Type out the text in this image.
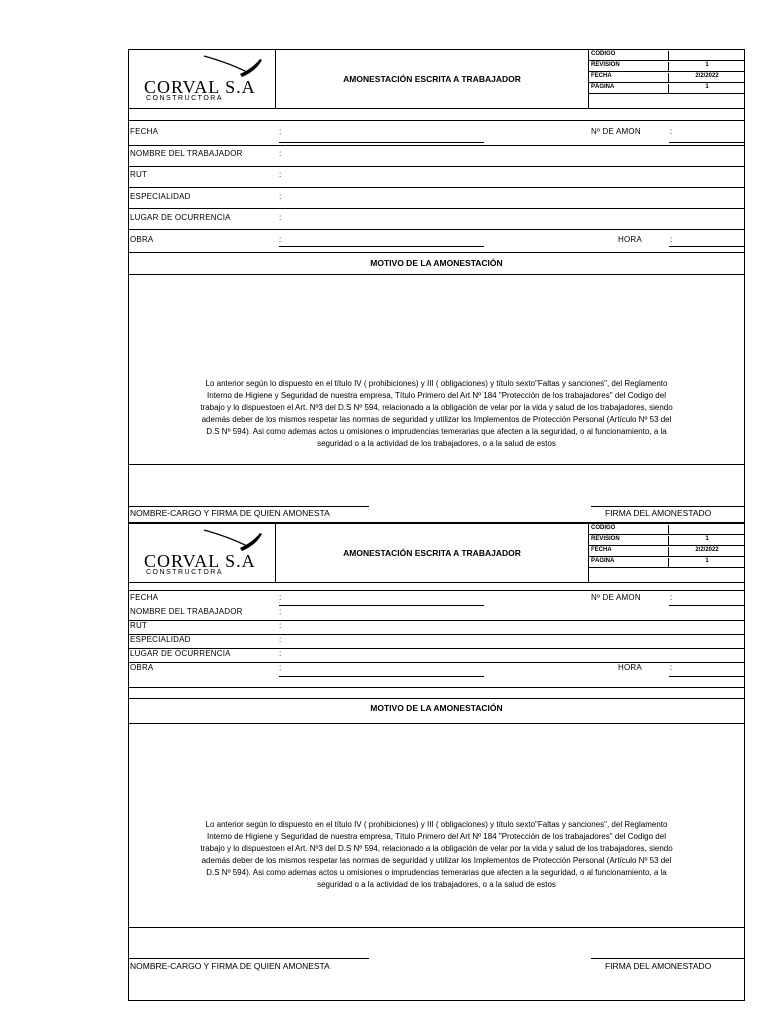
CORVAL S.A
CONSTRUCTORA
AMONESTACIÓN ESCRITA A TRABAJADOR
CODIGO
REVISIÓN	1
FECHA	2/2/2022
PÁGINA	1
FECHA	:	Nº DE AMON	:
NOMBRE DEL TRABAJADOR	:
RUT	:
ESPECIALIDAD	:
LUGAR DE OCURRENCIA	:
OBRA	:	HORA	:
MOTIVO DE LA AMONESTACIÓN
Lo anterior según lo dispuesto en el título IV ( prohibiciones) y III ( obligaciones) y título sexto"Faltas y sanciones", del Reglamento
Interno de Higiene y Seguridad de nuestra empresa, Título Primero del Art Nº 184 "Protección de los trabajadores" del Codigo del
trabajo y lo dispuestoen el Art. Nº3 del D.S Nº 594, relacionado a la obligación de velar por la vida y salud de los trabajadores, siendo
además deber de los mismos respetar las normas de seguridad y utilizar los Implementos de Protección Personal (Artículo Nº 53 del
D.S Nº 594). Asi como ademas actos u omisiones o imprudencias temerarias que afecten a la seguridad, o al funcionamiento, a la
seguridad o a la actividad de los trabajadores, o a la salud de estos
NOMBRE-CARGO Y FIRMA DE QUIEN AMONESTA	FIRMA DEL AMONESTADO
CORVAL S.A
CONSTRUCTORA
AMONESTACIÓN ESCRITA A TRABAJADOR
CODIGO
REVISIÓN	1
FECHA	2/2/2022
PÁGINA	1
FECHA	:	Nº DE AMON	:
NOMBRE DEL TRABAJADOR	:
RUT	:
ESPECIALIDAD	:
LUGAR DE OCURRENCIA	:
OBRA	:	HORA	:
MOTIVO DE LA AMONESTACIÓN
Lo anterior según lo dispuesto en el título IV ( prohibiciones) y III ( obligaciones) y título sexto"Faltas y sanciones", del Reglamento
Interno de Higiene y Seguridad de nuestra empresa, Título Primero del Art Nº 184 "Protección de los trabajadores" del Codigo del
trabajo y lo dispuestoen el Art. Nº3 del D.S Nº 594, relacionado a la obligación de velar por la vida y salud de los trabajadores, siendo
además deber de los mismos respetar las normas de seguridad y utilizar los Implementos de Protección Personal (Artículo Nº 53 del
D.S Nº 594). Asi como ademas actos u omisiones o imprudencias temerarias que afecten a la seguridad, o al funcionamiento, a la
seguridad o a la actividad de los trabajadores, o a la salud de estos
NOMBRE-CARGO Y FIRMA DE QUIEN AMONESTA	FIRMA DEL AMONESTADO
